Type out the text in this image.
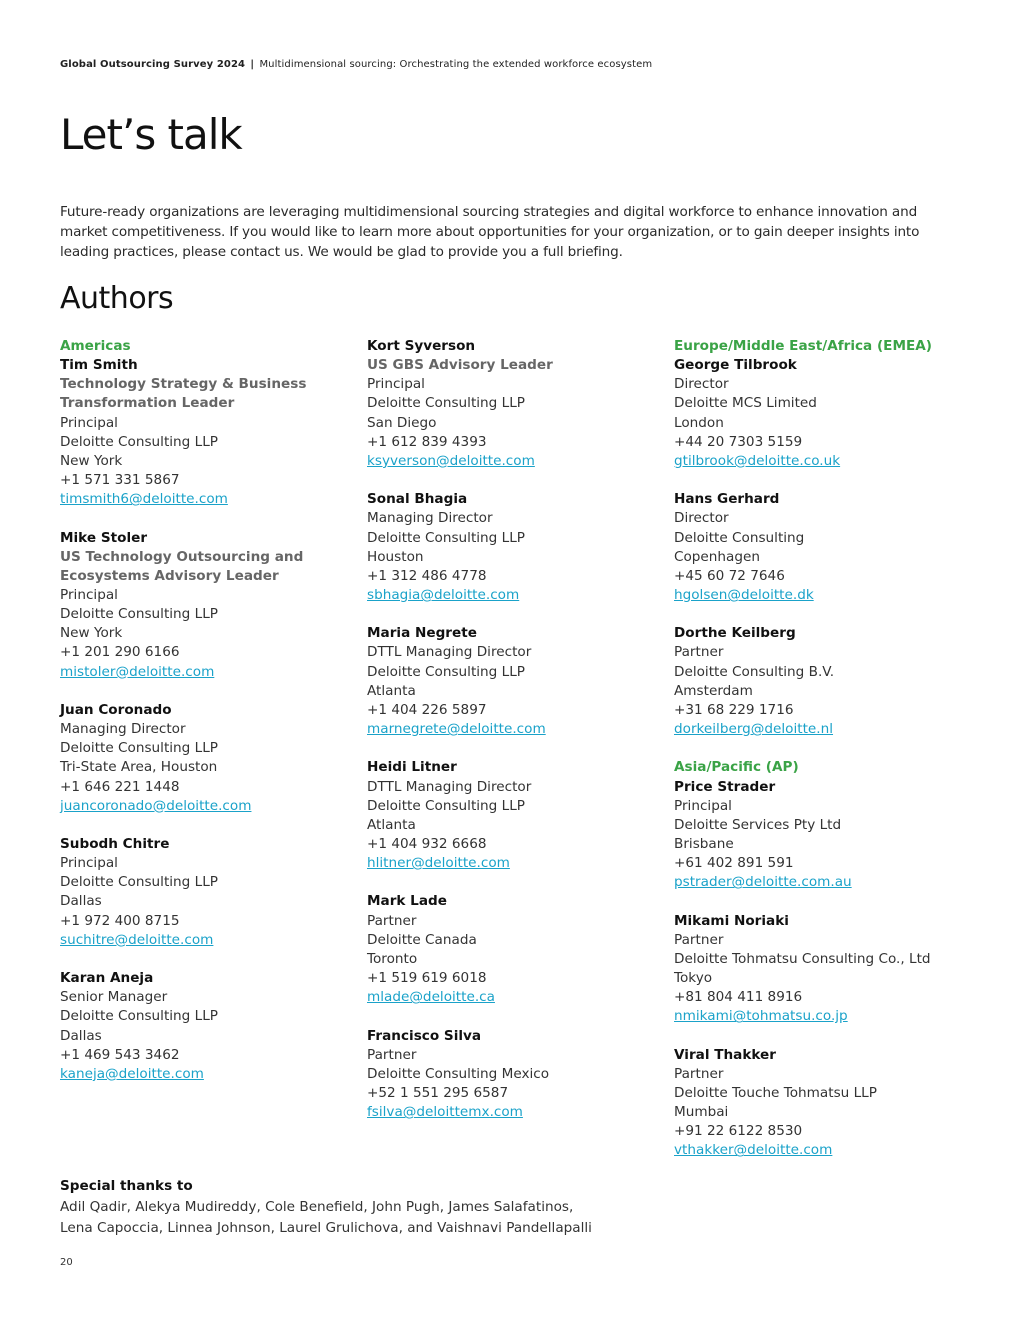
Global Outsourcing Survey 2024 | Multidimensional sourcing: Orchestrating the extended workforce ecosystem
Let’s talk

Future-ready organizations are leveraging multidimensional sourcing strategies and digital workforce to enhance innovation and market competitiveness. If you would like to learn more about opportunities for your organization, or to gain deeper insights into leading practices, please contact us. We would be glad to provide you a full briefing.

Authors
Americas
Tim Smith
Technology Strategy & Business
Transformation Leader
Principal
Deloitte Consulting LLP
New York
+1 571 331 5867
timsmith6@deloitte.com
Mike Stoler
US Technology Outsourcing and
Ecosystems Advisory Leader
Principal
Deloitte Consulting LLP
New York
+1 201 290 6166
mistoler@deloitte.com
Juan Coronado
Managing Director
Deloitte Consulting LLP
Tri-State Area, Houston
+1 646 221 1448
juancoronado@deloitte.com
Subodh Chitre
Principal
Deloitte Consulting LLP
Dallas
+1 972 400 8715
suchitre@deloitte.com
Karan Aneja
Senior Manager
Deloitte Consulting LLP
Dallas
+1 469 543 3462
kaneja@deloitte.com
Kort Syverson
US GBS Advisory Leader
Principal
Deloitte Consulting LLP
San Diego
+1 612 839 4393
ksyverson@deloitte.com
Sonal Bhagia
Managing Director
Deloitte Consulting LLP
Houston
+1 312 486 4778
sbhagia@deloitte.com
Maria Negrete
DTTL Managing Director
Deloitte Consulting LLP
Atlanta
+1 404 226 5897
marnegrete@deloitte.com
Heidi Litner
DTTL Managing Director
Deloitte Consulting LLP
Atlanta
+1 404 932 6668
hlitner@deloitte.com
Mark Lade
Partner
Deloitte Canada
Toronto
+1 519 619 6018
mlade@deloitte.ca
Francisco Silva
Partner
Deloitte Consulting Mexico
+52 1 551 295 6587
fsilva@deloittemx.com
Europe/Middle East/Africa (EMEA)
George Tilbrook
Director
Deloitte MCS Limited
London
+44 20 7303 5159
gtilbrook@deloitte.co.uk
Hans Gerhard
Director
Deloitte Consulting
Copenhagen
+45 60 72 7646
hgolsen@deloitte.dk
Dorthe Keilberg
Partner
Deloitte Consulting B.V.
Amsterdam
+31 68 229 1716
dorkeilberg@deloitte.nl
Asia/Pacific (AP)
Price Strader
Principal
Deloitte Services Pty Ltd
Brisbane
+61 402 891 591
pstrader@deloitte.com.au
Mikami Noriaki
Partner
Deloitte Tohmatsu Consulting Co., Ltd
Tokyo
+81 804 411 8916
nmikami@tohmatsu.co.jp
Viral Thakker
Partner
Deloitte Touche Tohmatsu LLP
Mumbai
+91 22 6122 8530
vthakker@deloitte.com
Special thanks to
Adil Qadir, Alekya Mudireddy, Cole Benefield, John Pugh, James Salafatinos,
Lena Capoccia, Linnea Johnson, Laurel Grulichova, and Vaishnavi Pandellapalli
20
